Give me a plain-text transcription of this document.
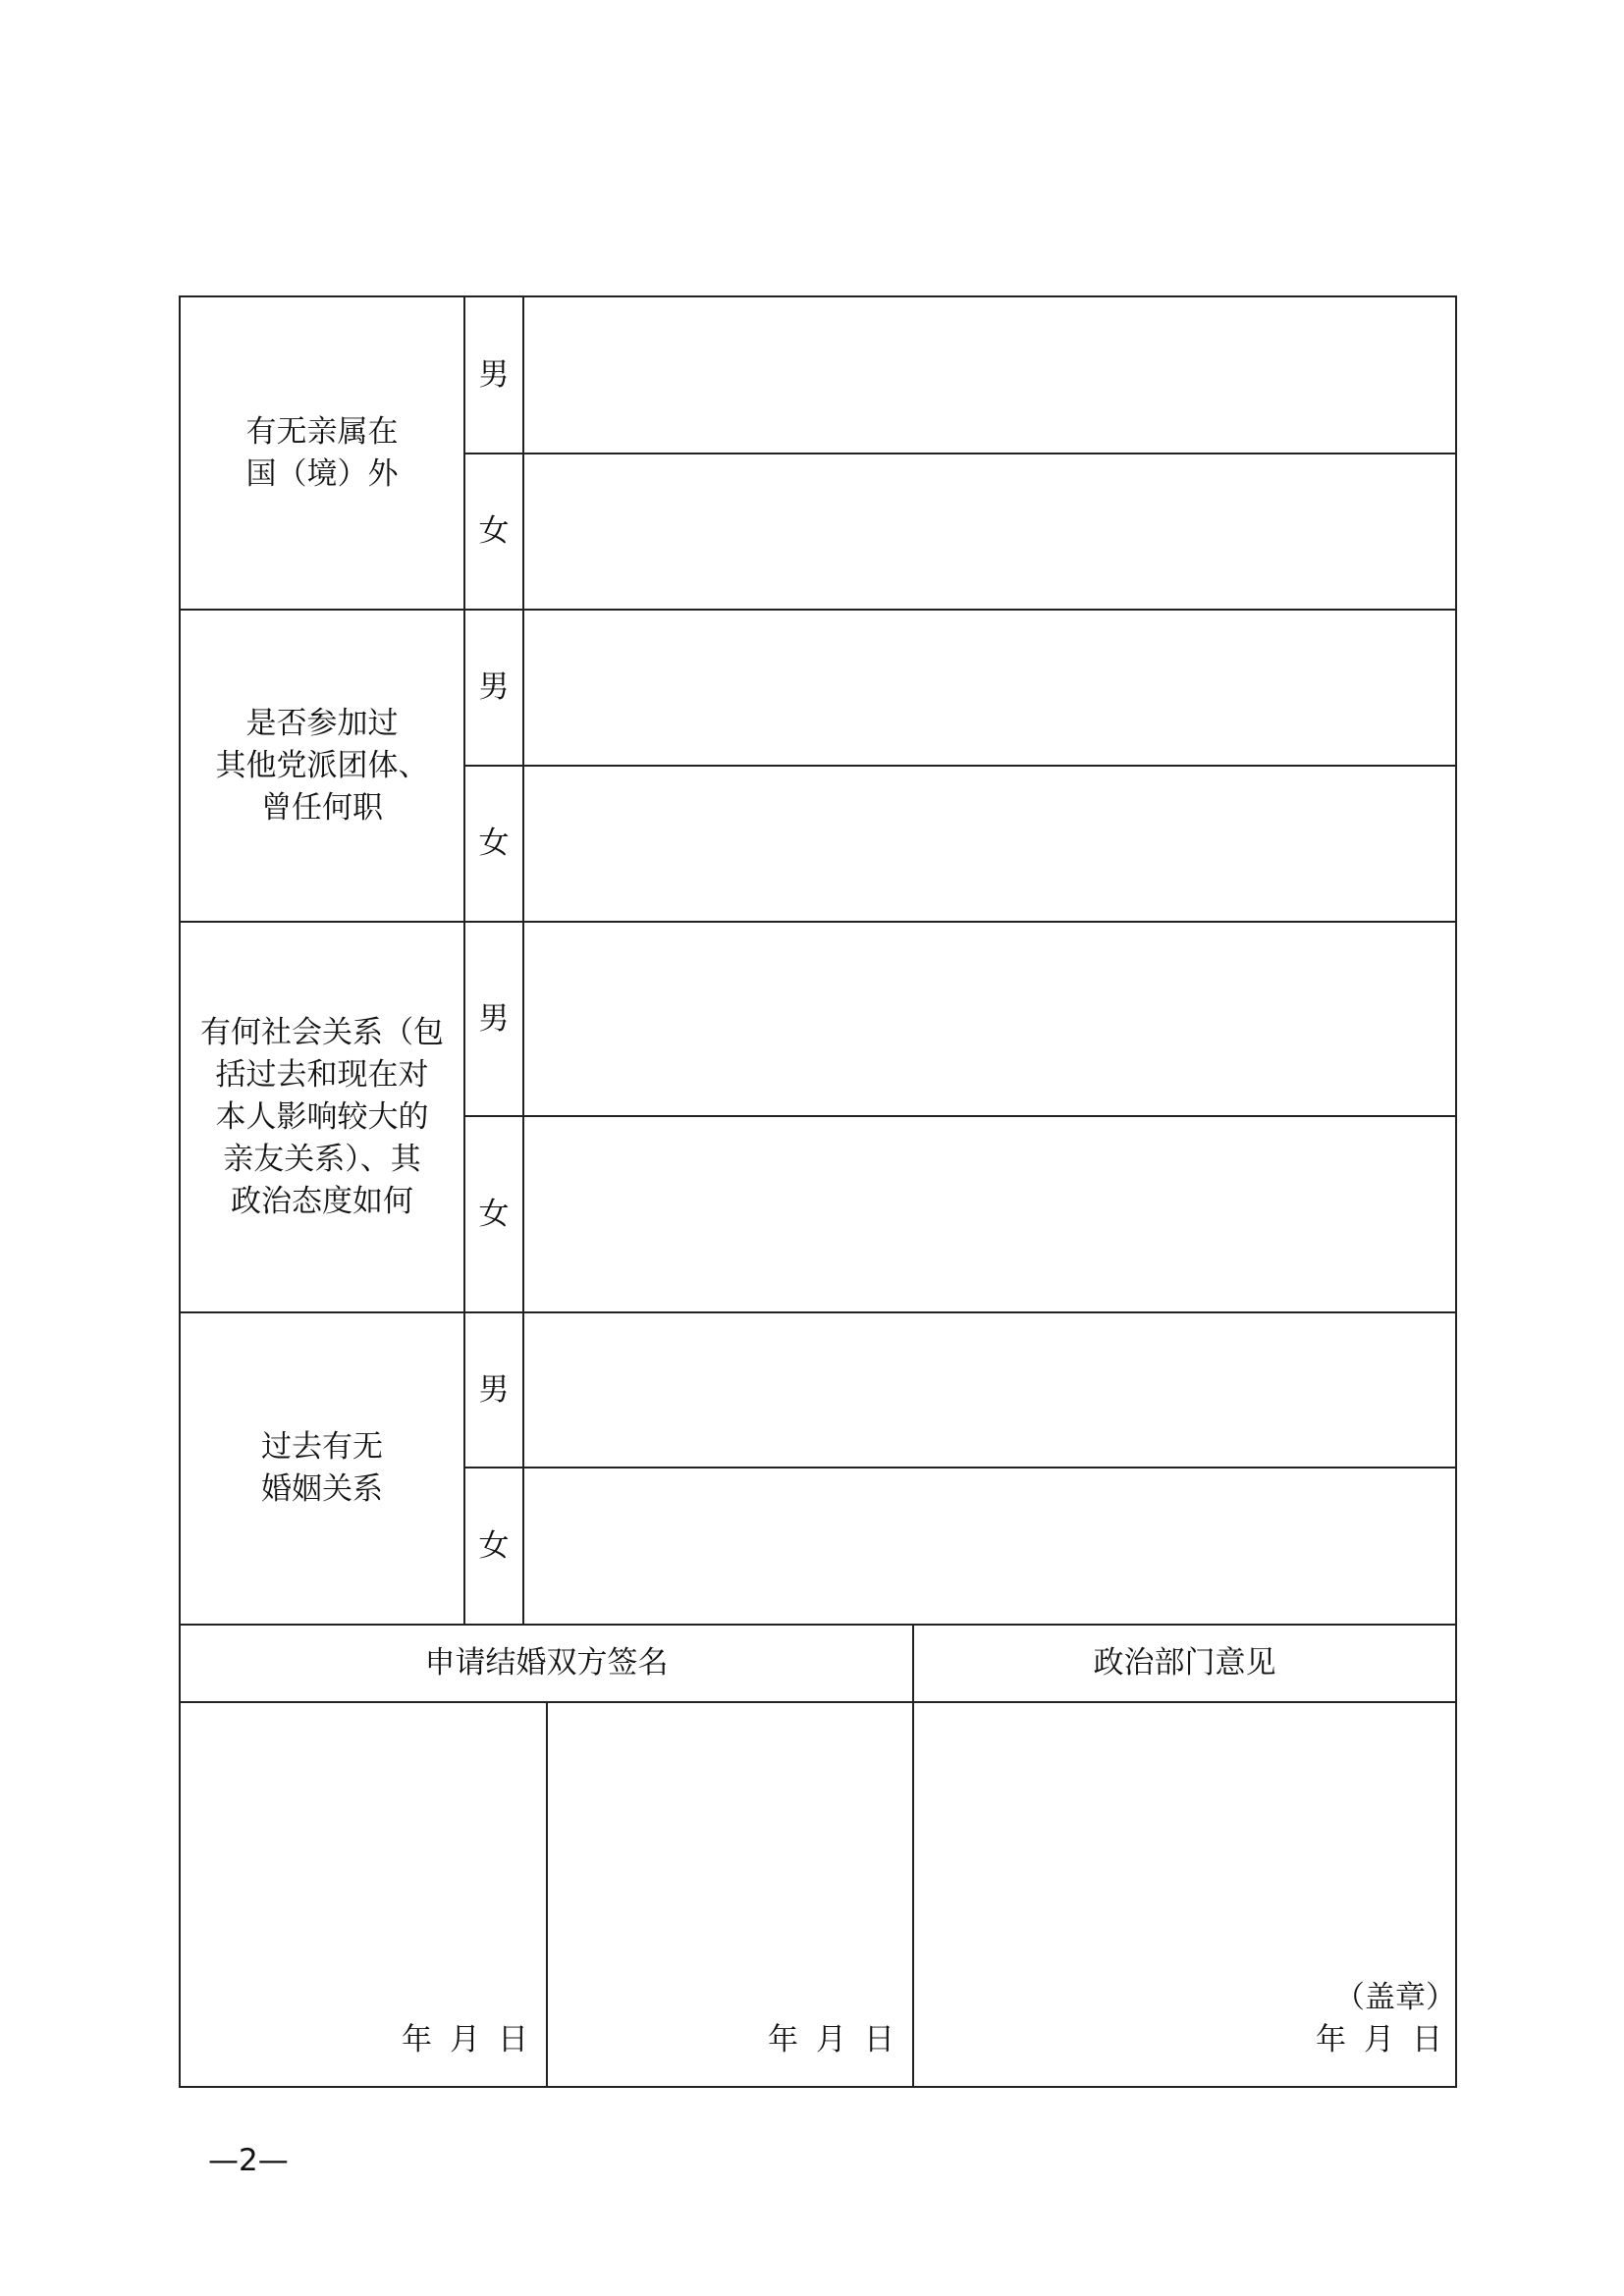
有无亲属在
国（境）外
男
女
是否参加过
其他党派团体、
曾任何职
男
女
有何社会关系（包
括过去和现在对
本人影响较大的
亲友关系）、其
政治态度如何
男
女
过去有无
婚姻关系
男
女
申请结婚双方签名	政治部门意见
年 月 日	年 月 日
（盖章）
年 月 日
—2—
